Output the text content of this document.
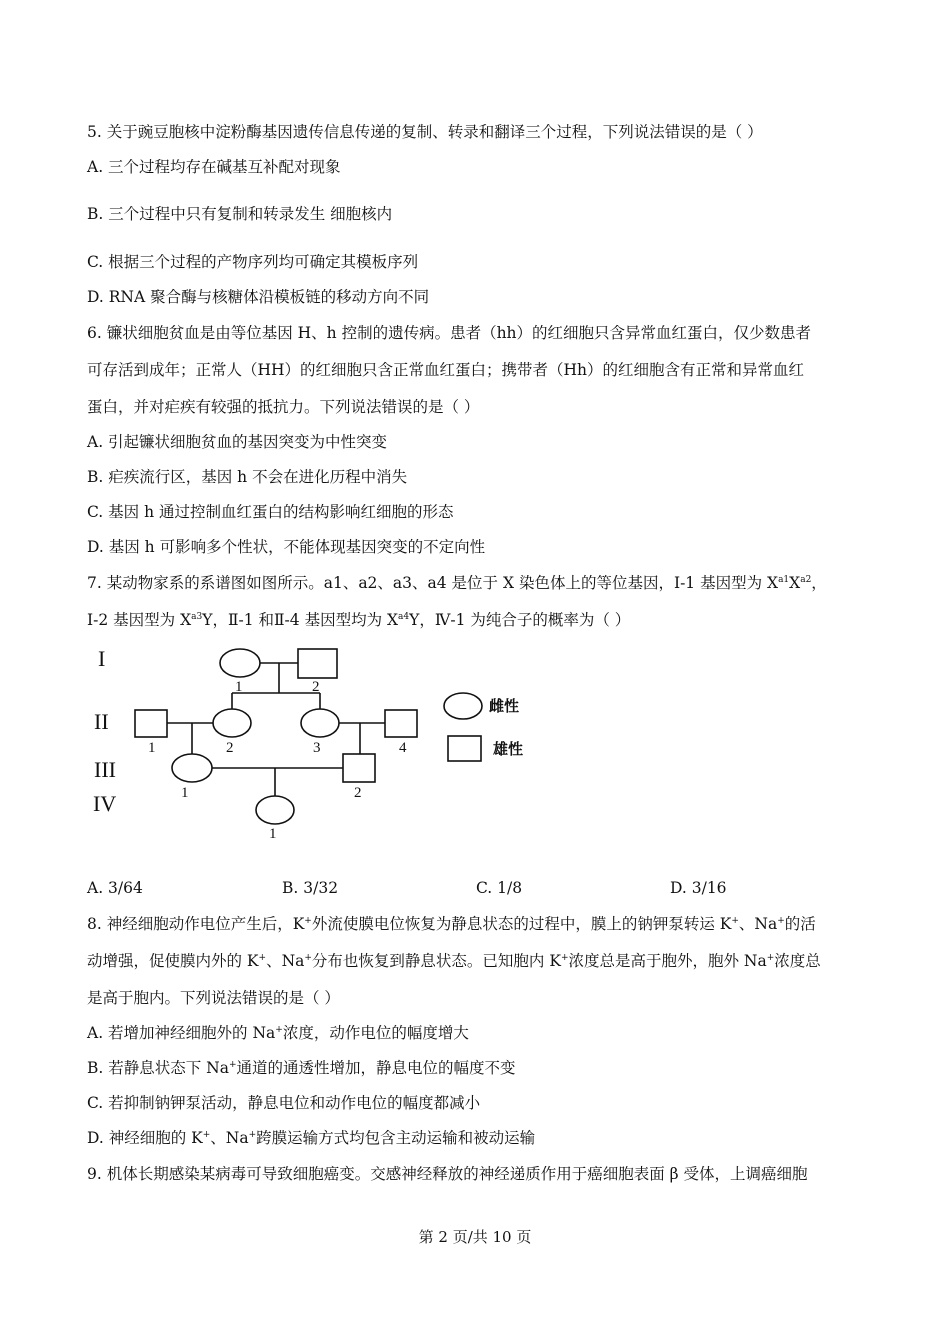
5. 关于豌豆胞核中淀粉酶基因遗传信息传递的复制、转录和翻译三个过程，下列说法错误的是（ ）
A. 三个过程均存在碱基互补配对现象
B. 三个过程中只有复制和转录发生 细胞核内
C. 根据三个过程的产物序列均可确定其模板序列
D. RNA 聚合酶与核糖体沿模板链的移动方向不同
6. 镰状细胞贫血是由等位基因 H、h 控制的遗传病。患者（hh）的红细胞只含异常血红蛋白，仅少数患者
可存活到成年；正常人（HH）的红细胞只含正常血红蛋白；携带者（Hh）的红细胞含有正常和异常血红
蛋白，并对疟疾有较强的抵抗力。下列说法错误的是（ ）
A. 引起镰状细胞贫血的基因突变为中性突变
B. 疟疾流行区，基因 h 不会在进化历程中消失
C. 基因 h 通过控制血红蛋白的结构影响红细胞的形态
D. 基因 h 可影响多个性状，不能体现基因突变的不定向性
7. 某动物家系的系谱图如图所示。a1、a2、a3、a4 是位于 X 染色体上的等位基因，Ⅰ-1 基因型为 $X^{a1}X^{a2}$，
Ⅰ-2 基因型为 $X^{a3}Y$，Ⅱ-1 和Ⅱ-4 基因型均为 $X^{a4}Y$，Ⅳ-1 为纯合子的概率为（ ）
I
II
III
IV
1	2
1	2	3	4
1	2
1
雌性
雄性
A. 3/64	B. 3/32	C. 1/8	D. 3/16
8. 神经细胞动作电位产生后，K+外流使膜电位恢复为静息状态的过程中，膜上的钠钾泵转运 K+、Na+的活
动增强，促使膜内外的 K+、Na+分布也恢复到静息状态。已知胞内 K+浓度总是高于胞外，胞外 Na+浓度总
是高于胞内。下列说法错误的是（ ）
A. 若增加神经细胞外的 Na+浓度，动作电位的幅度增大
B. 若静息状态下 Na+通道的通透性增加，静息电位的幅度不变
C. 若抑制钠钾泵活动，静息电位和动作电位的幅度都减小
D. 神经细胞的 K+、Na+跨膜运输方式均包含主动运输和被动运输
9. 机体长期感染某病毒可导致细胞癌变。交感神经释放的神经递质作用于癌细胞表面 β 受体，上调癌细胞
第 2 页/共 10 页
